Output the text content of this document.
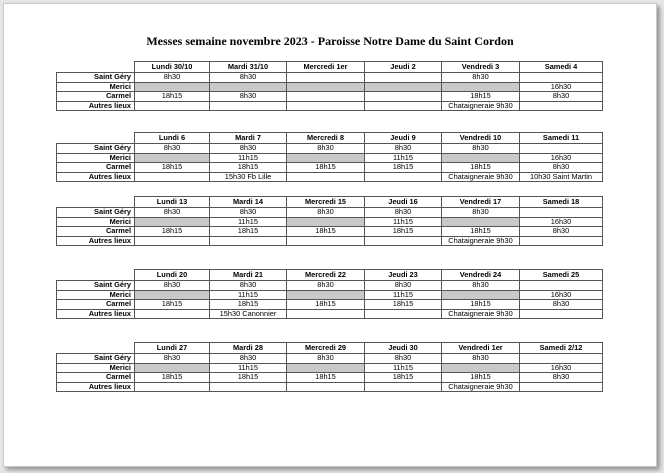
Messes semaine novembre 2023 - Paroisse Notre Dame du Saint Cordon
	Lundi 30/10	Mardi 31/10	Mercredi 1er	Jeudi 2	Vendredi 3	Samedi 4
Saint Géry	8h30	8h30			8h30	
Merici						16h30
Carmel	18h15	8h30			18h15	8h30
Autres lieux					Chataigneraie 9h30	
	Lundi 6	Mardi 7	Mercredi 8	Jeudi 9	Vendredi 10	Samedi 11
Saint Géry	8h30	8h30	8h30	8h30	8h30	
Merici		11h15		11h15		16h30
Carmel	18h15	18h15	18h15	18h15	18h15	8h30
Autres lieux		15h30 Fb Lille			Chataigneraie 9h30	10h30 Saint Martin
	Lundi 13	Mardi 14	Mercredi 15	Jeudi 16	Vendredi 17	Samedi 18
Saint Géry	8h30	8h30	8h30	8h30	8h30	
Merici		11h15		11h15		16h30
Carmel	18h15	18h15	18h15	18h15	18h15	8h30
Autres lieux					Chataigneraie 9h30	
	Lundi 20	Mardi 21	Mercredi 22	Jeudi 23	Vendredi 24	Samedi 25
Saint Géry	8h30	8h30	8h30	8h30	8h30	
Merici		11h15		11h15		16h30
Carmel	18h15	18h15	18h15	18h15	18h15	8h30
Autres lieux		15h30 Canonnier			Chataigneraie 9h30	
	Lundi 27	Mardi 28	Mercredi 29	Jeudi 30	Vendredi 1er	Samedi 2/12
Saint Géry	8h30	8h30	8h30	8h30	8h30	
Merici		11h15		11h15		16h30
Carmel	18h15	18h15	18h15	18h15	18h15	8h30
Autres lieux					Chataigneraie 9h30	
